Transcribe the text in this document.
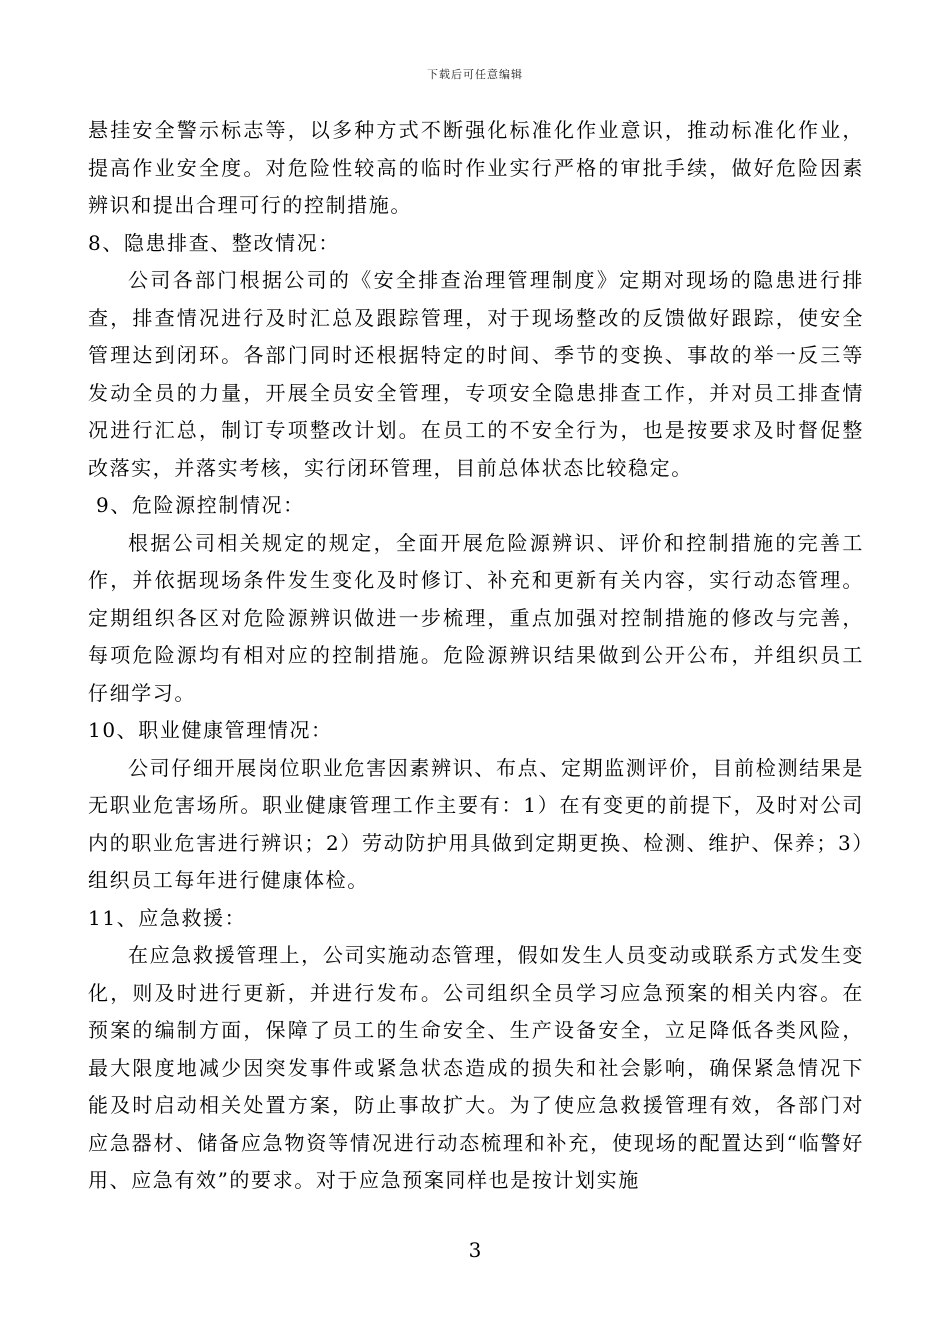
下载后可任意编辑

悬挂安全警示标志等，以多种方式不断强化标准化作业意识，推动标准化作业，提高作业安全度。对危险性较高的临时作业实行严格的审批手续，做好危险因素辨识和提出合理可行的控制措施。

8、隐患排查、整改情况：

公司各部门根据公司的《安全排查治理管理制度》定期对现场的隐患进行排查，排查情况进行及时汇总及跟踪管理，对于现场整改的反馈做好跟踪，使安全管理达到闭环。各部门同时还根据特定的时间、季节的变换、事故的举一反三等发动全员的力量，开展全员安全管理，专项安全隐患排查工作，并对员工排查情况进行汇总，制订专项整改计划。在员工的不安全行为，也是按要求及时督促整改落实，并落实考核，实行闭环管理，目前总体状态比较稳定。

9、危险源控制情况：

根据公司相关规定的规定，全面开展危险源辨识、评价和控制措施的完善工作，并依据现场条件发生变化及时修订、补充和更新有关内容，实行动态管理。定期组织各区对危险源辨识做进一步梳理，重点加强对控制措施的修改与完善，每项危险源均有相对应的控制措施。危险源辨识结果做到公开公布，并组织员工仔细学习。

10、职业健康管理情况：

公司仔细开展岗位职业危害因素辨识、布点、定期监测评价，目前检测结果是无职业危害场所。职业健康管理工作主要有：1）在有变更的前提下，及时对公司内的职业危害进行辨识；2）劳动防护用具做到定期更换、检测、维护、保养；3）组织员工每年进行健康体检。

11、应急救援：

在应急救援管理上，公司实施动态管理，假如发生人员变动或联系方式发生变化，则及时进行更新，并进行发布。公司组织全员学习应急预案的相关内容。在预案的编制方面，保障了员工的生命安全、生产设备安全，立足降低各类风险，最大限度地减少因突发事件或紧急状态造成的损失和社会影响，确保紧急情况下能及时启动相关处置方案，防止事故扩大。为了使应急救援管理有效，各部门对应急器材、储备应急物资等情况进行动态梳理和补充，使现场的配置达到“临警好用、应急有效”的要求。对于应急预案同样也是按计划实施

3
